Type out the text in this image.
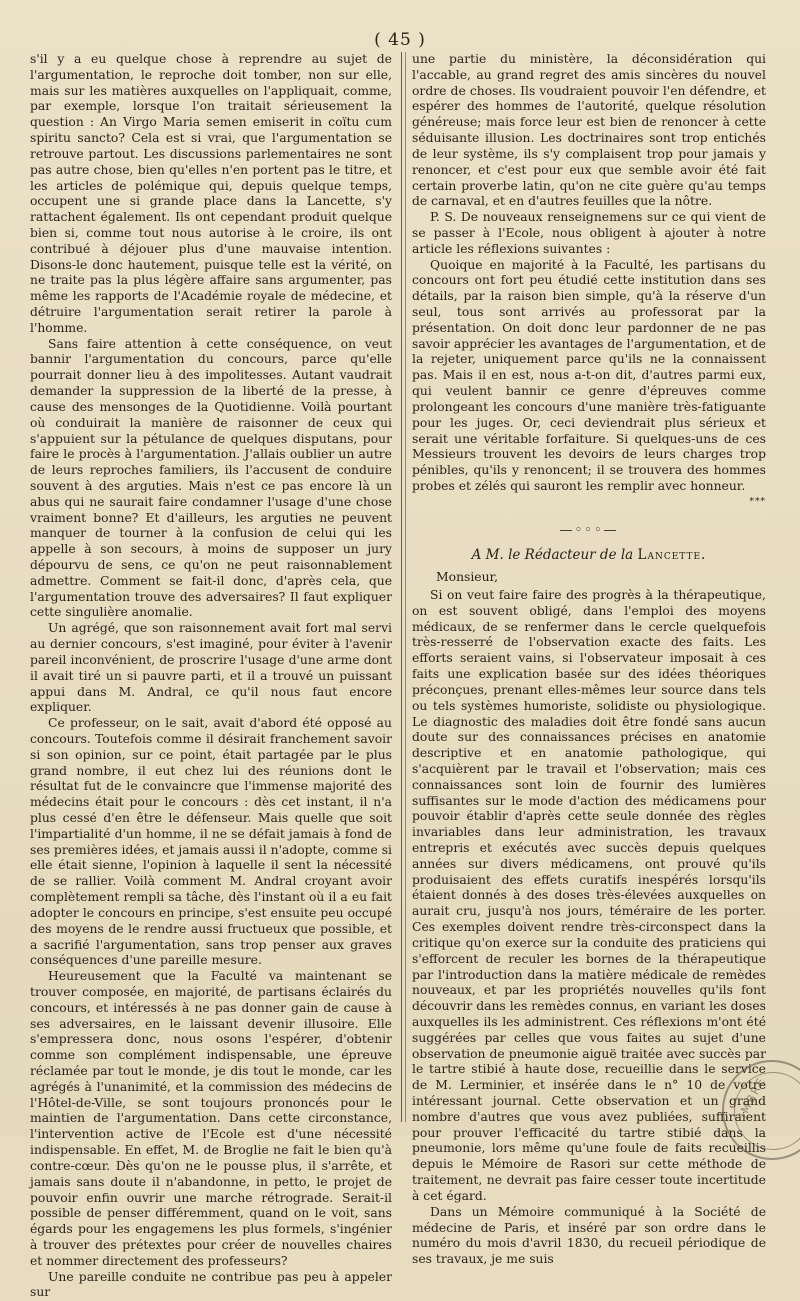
( 45 )

s'il y a eu quelque chose à reprendre au sujet de l'argumentation, le reproche doit tomber, non sur elle, mais sur les matières auxquelles on l'appliquait, comme, par exemple, lorsque l'on traitait sérieusement la question : An Virgo Maria semen emiserit in coïtu cum spiritu sancto? Cela est si vrai, que l'argumentation se retrouve partout. Les discussions parlementaires ne sont pas autre chose, bien qu'elles n'en portent pas le titre, et les articles de polémique qui, depuis quelque temps, occupent une si grande place dans la Lancette, s'y rattachent également. Ils ont cependant produit quelque bien si, comme tout nous autorise à le croire, ils ont contribué à déjouer plus d'une mauvaise intention. Disons-le donc hautement, puisque telle est la vérité, on ne traite pas la plus légère affaire sans argumenter, pas même les rapports de l'Académie royale de médecine, et détruire l'argumentation serait retirer la parole à l'homme.

Sans faire attention à cette conséquence, on veut bannir l'argumentation du concours, parce qu'elle pourrait donner lieu à des impolitesses. Autant vaudrait demander la suppression de la liberté de la presse, à cause des mensonges de la Quotidienne. Voilà pourtant où conduirait la manière de raisonner de ceux qui s'appuient sur la pétulance de quelques disputans, pour faire le procès à l'argumentation. J'allais oublier un autre de leurs reproches familiers, ils l'accusent de conduire souvent à des arguties. Mais n'est ce pas encore là un abus qui ne saurait faire condamner l'usage d'une chose vraiment bonne? Et d'ailleurs, les arguties ne peuvent manquer de tourner à la confusion de celui qui les appelle à son secours, à moins de supposer un jury dépourvu de sens, ce qu'on ne peut raisonnablement admettre. Comment se fait-il donc, d'après cela, que l'argumentation trouve des adversaires? Il faut expliquer cette singulière anomalie.

Un agrégé, que son raisonnement avait fort mal servi au dernier concours, s'est imaginé, pour éviter à l'avenir pareil inconvénient, de proscrire l'usage d'une arme dont il avait tiré un si pauvre parti, et il a trouvé un puissant appui dans M. Andral, ce qu'il nous faut encore expliquer.

Ce professeur, on le sait, avait d'abord été opposé au concours. Toutefois comme il désirait franchement savoir si son opinion, sur ce point, était partagée par le plus grand nombre, il eut chez lui des réunions dont le résultat fut de le convaincre que l'immense majorité des médecins était pour le concours : dès cet instant, il n'a plus cessé d'en être le défenseur. Mais quelle que soit l'impartialité d'un homme, il ne se défait jamais à fond de ses premières idées, et jamais aussi il n'adopte, comme si elle était sienne, l'opinion à laquelle il sent la nécessité de se rallier. Voilà comment M. Andral croyant avoir complètement rempli sa tâche, dès l'instant où il a eu fait adopter le concours en principe, s'est ensuite peu occupé des moyens de le rendre aussi fructueux que possible, et a sacrifié l'argumentation, sans trop penser aux graves conséquences d'une pareille mesure.

Heureusement que la Faculté va maintenant se trouver composée, en majorité, de partisans éclairés du concours, et intéressés à ne pas donner gain de cause à ses adversaires, en le laissant devenir illusoire. Elle s'empressera donc, nous osons l'espérer, d'obtenir comme son complément indispensable, une épreuve réclamée par tout le monde, je dis tout le monde, car les agrégés à l'unanimité, et la commission des médecins de l'Hôtel-de-Ville, se sont toujours prononcés pour le maintien de l'argumentation. Dans cette circonstance, l'intervention active de l'Ecole est d'une nécessité indispensable. En effet, M. de Broglie ne fait le bien qu'à contre-cœur. Dès qu'on ne le pousse plus, il s'arrête, et jamais sans doute il n'abandonne, in petto, le projet de pouvoir enfin ouvrir une marche rétrograde. Serait-il possible de penser différemment, quand on le voit, sans égards pour les engagemens les plus formels, s'ingénier à trouver des prétextes pour créer de nouvelles chaires et nommer directement des professeurs?

Une pareille conduite ne contribue pas peu à appeler sur

une partie du ministère, la déconsidération qui l'accable, au grand regret des amis sincères du nouvel ordre de choses. Ils voudraient pouvoir l'en défendre, et espérer des hommes de l'autorité, quelque résolution généreuse; mais force leur est bien de renoncer à cette séduisante illusion. Les doctrinaires sont trop entichés de leur système, ils s'y complaisent trop pour jamais y renoncer, et c'est pour eux que semble avoir été fait certain proverbe latin, qu'on ne cite guère qu'au temps de carnaval, et en d'autres feuilles que la nôtre.

P. S. De nouveaux renseignemens sur ce qui vient de se passer à l'Ecole, nous obligent à ajouter à notre article les réflexions suivantes :

Quoique en majorité à la Faculté, les partisans du concours ont fort peu étudié cette institution dans ses détails, par la raison bien simple, qu'à la réserve d'un seul, tous sont arrivés au professorat par la présentation. On doit donc leur pardonner de ne pas savoir apprécier les avantages de l'argumentation, et de la rejeter, uniquement parce qu'ils ne la connaissent pas. Mais il en est, nous a-t-on dit, d'autres parmi eux, qui veulent bannir ce genre d'épreuves comme prolongeant les concours d'une manière très-fatiguante pour les juges. Or, ceci deviendrait plus sérieux et serait une véritable forfaiture. Si quelques-uns de ces Messieurs trouvent les devoirs de leurs charges trop pénibles, qu'ils y renoncent; il se trouvera des hommes probes et zélés qui sauront les remplir avec honneur.

***

—◦◦◦—
A M. le Rédacteur de la Lancette.

Monsieur,

Si on veut faire faire des progrès à la thérapeutique, on est souvent obligé, dans l'emploi des moyens médicaux, de se renfermer dans le cercle quelquefois très-resserré de l'observation exacte des faits. Les efforts seraient vains, si l'observateur imposait à ces faits une explication basée sur des idées théoriques préconçues, prenant elles-mêmes leur source dans tels ou tels systèmes humoriste, solidiste ou physiologique. Le diagnostic des maladies doit être fondé sans aucun doute sur des connaissances précises en anatomie descriptive et en anatomie pathologique, qui s'acquièrent par le travail et l'observation; mais ces connaissances sont loin de fournir des lumières suffisantes sur le mode d'action des médicamens pour pouvoir établir d'après cette seule donnée des règles invariables dans leur administration, les travaux entrepris et exécutés avec succès depuis quelques années sur divers médicamens, ont prouvé qu'ils produisaient des effets curatifs inespérés lorsqu'ils étaient donnés à des doses très-élevées auxquelles on aurait cru, jusqu'à nos jours, téméraire de les porter. Ces exemples doivent rendre très-circonspect dans la critique qu'on exerce sur la conduite des praticiens qui s'efforcent de reculer les bornes de la thérapeutique par l'introduction dans la matière médicale de remèdes nouveaux, et par les propriétés nouvelles qu'ils font découvrir dans les remèdes connus, en variant les doses auxquelles ils les administrent. Ces réflexions m'ont été suggérées par celles que vous faites au sujet d'une observation de pneumonie aiguë traitée avec succès par le tartre stibié à haute dose, recueillie dans le service de M. Lerminier, et insérée dans le n° 10 de votre intéressant journal. Cette observation et un grand nombre d'autres que vous avez publiées, suffiraient pour prouver l'efficacité du tartre stibié dans la pneumonie, lors même qu'une foule de faits recueillis depuis le Mémoire de Rasori sur cette méthode de traitement, ne devrait pas faire cesser toute incertitude à cet égard.

Dans un Mémoire communiqué à la Société de médecine de Paris, et inséré par son ordre dans le numéro du mois d'avril 1830, du recueil périodique de ses travaux, je me suis

IMBRE
